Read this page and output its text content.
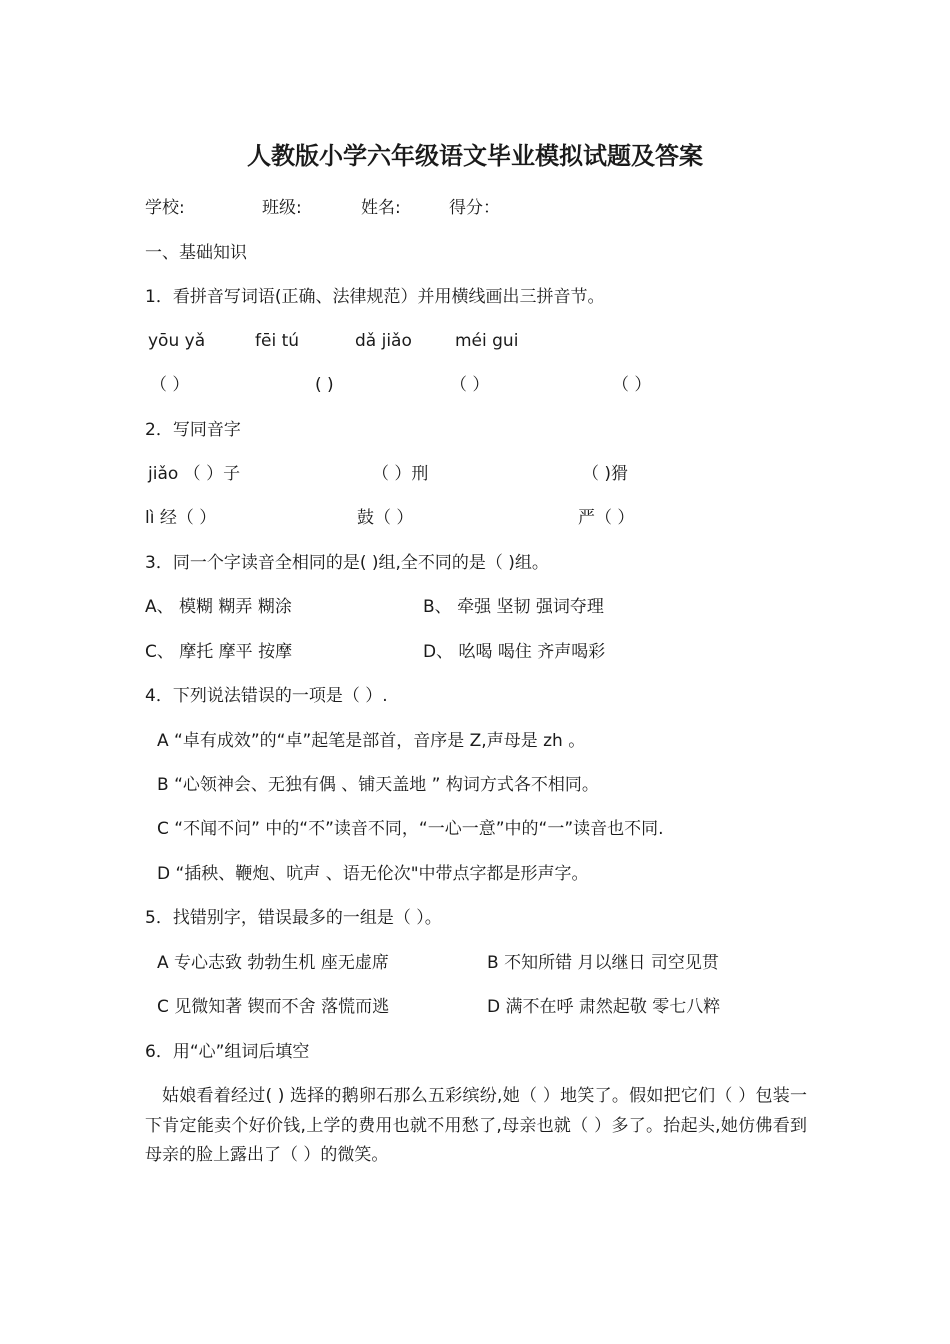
人教版小学六年级语文毕业模拟试题及答案
学校:	班级:	姓名:	得分：
一、基础知识
1．看拼音写词语(正确、法律规范）并用横线画出三拼音节。
yōu yǎ	fēi tú	dǎ jiǎo	méi gui
（ ）	( )	（ ）	（ ）
2．写同音字
jiǎo （ ）子	（ ）刑	（ )猾
lì 经（ ）	鼓（ ）	严（ ）
3．同一个字读音全相同的是( )组,全不同的是（ )组。
A、 模糊 糊弄 糊涂	B、 牵强 坚韧 强词夺理
C、 摩托 摩平 按摩	D、 吆喝 喝住 齐声喝彩
4．下列说法错误的一项是（ ）.
A “卓有成效”的“卓”起笔是部首，音序是 Z,声母是 zh 。
B “心领神会、无独有偶 、铺天盖地 ” 构词方式各不相同。
C “不闻不问” 中的“不”读音不同，“一心一意”中的“一”读音也不同.
D “插秧、鞭炮、吭声 、语无伦次"中带点字都是形声字。
5．找错别字，错误最多的一组是（ ）。
A 专心志致 勃勃生机 座无虚席	B 不知所错 月以继日 司空见贯
C 见微知著 锲而不舍 落慌而逃	D 满不在呼 肃然起敬 零七八粹
6．用“心”组词后填空
姑娘看着经过( ) 选择的鹅卵石那么五彩缤纷,她（ ）地笑了。假如把它们（ ）包装一下肯定能卖个好价钱,上学的费用也就不用愁了,母亲也就（ ）多了。抬起头,她仿佛看到母亲的脸上露出了（ ）的微笑。
